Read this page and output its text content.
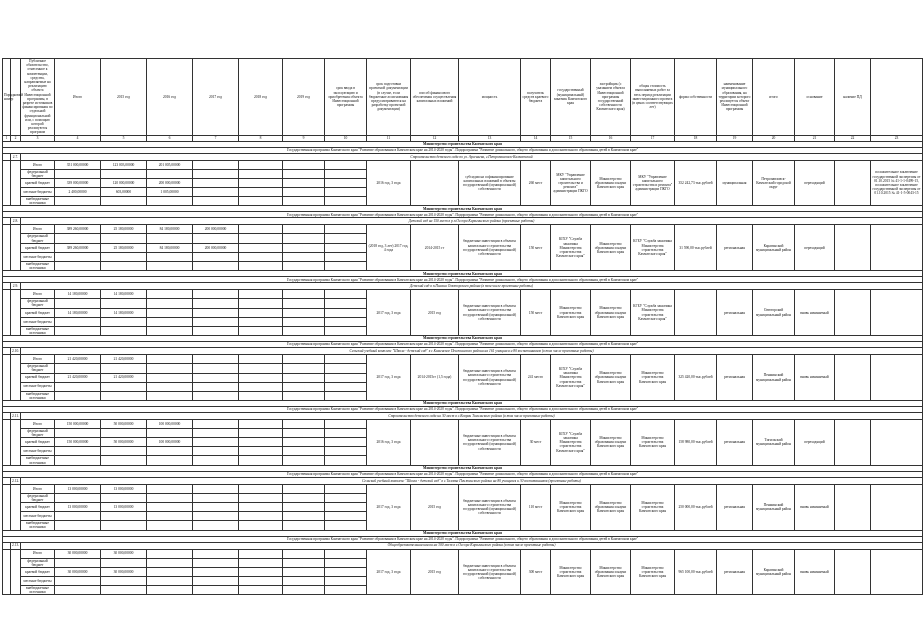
Порядковый номер		Публичное обязательство, отнесенное к компетенции, средства, направляемые на реализацию объекта Инвестиционной программы, в разрезе источников финансирования по отдельной функциональной или, с помощью которой реализуются программ	Итого	2015 год	2016 год	2017 год	2018 год	2019 год	срок ввода в эксплуатацию и приобретения объекта Инвестиционной программы	срок подготовки проектной документации (в случае, если бюджетные ассигнования предусматриваются на разработку проектной документации)	способ финансового обеспечения осуществления капитальных вложений	мощность	получатель средств краевого бюджета	государственный (муниципальный) заказчик Камчатского края	застройщик (с указанием объекта Инвестиционной программы государственной собственности Камчатского края)	общая стоимость выполняемых работ за весь период реализации инвестиционного проекта (в ценах соответствующих лет)	форма собственности	наименование муниципального образования, на территории которого реализуется объект Инвестиционной программы	итого	основание	наличие ПД	
1	2	3	4	5	6	7	8	9	10	11	12	13	14	15	16	17	18	19	20	21	22	23
Министерство строительства Камчатского края																						
Государственная программа Камчатского края "Развитие образования в Камчатском крае на 2014-2020 годы". Подпрограмма "Развитие дошкольного, общего образования и дополнительного образования детей в Камчатском крае"																						
	2.7.	Строительство детского сада по ул. Арсеньева, г.Петропавловск-Камчатский																				
		Итого	351 000,00000	123 003,00000	201 005,00000					2016 год, 3 года		субсидии на софинансирование капитальных вложений в объекты государственной (муниципальной) собственности	260 мест	МКУ "Управление капитального строительства и ремонта" администрации ПКГО	Министерство образования и науки Камчатского края	МКУ "Управление капитального строительства и ремонта" администрации ПКГО	352 242,73 тыс.рублей	муниципальная	Петропавловск-Камчатский городской округ	переходящий		положительное заключение государственной экспертизы от 01.10.2015 № 41-1-1-0499-15, положительное заключение государственной экспертизы от 01.10.2015 № 41-1-5-0043-15
		федеральный бюджет																				
		краевой бюджет	339 000,00000	120 000,00000	200 000,00000																	
		местные бюджеты	2 400,00000	603,00000	1 005,00000																	
		внебюджетные источники																				
Министерство строительства Камчатского края																						
Государственная программа Камчатского края "Развитие образования в Камчатском крае на 2014-2020 годы". Подпрограмма "Развитие дошкольного, общего образования и дополнительного образования детей в Камчатском крае"																						
	2.8.	Детский сад на 150 мест в р.п.Оссора Карагинского района (проектные работы)																				
		Итого	389 260,00000	25 180,00000	84 180,00000	200 000,00000				(2018 год, 3 лет) 2017 год, 4 года	2014-2015 гг	бюджетные инвестиции в объекты капитального строительства государственной (муниципальной) собственности	150 мест	КГБУ "Служба заказчика Министерства строительства Камчатского края"	Министерство образования и науки Камчатского края	КГБУ "Служба заказчика Министерства строительства Камчатского края"	31 590,00 тыс.рублей	региональная	Карагинский муниципальный район	переходящий		
		федеральный бюджет																				
		краевой бюджет	389 260,00000	25 180,00000	84 180,00000	200 000,00000																
		местные бюджеты																				
		внебюджетные источники																				
Министерство строительства Камчатского края																						
Государственная программа Камчатского края "Развитие образования в Камчатском крае на 2014-2020 годы". Подпрограмма "Развитие дошкольного, общего образования и дополнительного образования детей в Камчатском крае"																						
	2.9.	Детский сад в п.Палана Олюторского района (в том числе проектные работы)																				
		Итого	14 180,00000	14 180,00000						2017 год, 3 года	2015 год	бюджетные инвестиции в объекты капитального строительства государственной (муниципальной) собственности	150 мест	Министерство строительства Камчатского края	Министерство образования и науки Камчатского края	КГБУ "Служба заказчика Министерства строительства Камчатского края"		региональная	Олюторский муниципальный район	вновь начинаемый		
		федеральный бюджет																				
		краевой бюджет	14 180,00000	14 180,00000																		
		местные бюджеты																				
		внебюджетные источники																				
Министерство строительства Камчатского края																						
Государственная программа Камчатского края "Развитие образования в Камчатском крае на 2014-2020 годы". Подпрограмма "Развитие дошкольного, общего образования и дополнительного образования детей в Камчатском крае"																						
	2.10.	Сельский учебный комплекс "Школа - детский сад" в с.Каменское Пенжинского района на 161 учащихся и 80 воспитанников (в том числе проектные работы)																				
		Итого	21 420,00000	21 420,00000						2017 год, 3 года	2014-2015гг (1,5 года)	бюджетные инвестиции в объекты капитального строительства государственной (муниципальной) собственности	241 место	КГБУ "Служба заказчика Министерства строительства Камчатского края"	Министерство образования и науки Камчатского края	Министерство строительства Камчатского края	325 420,00 тыс.рублей	региональная	Пенжинский муниципальный район	вновь начинаемый		
		федеральный бюджет																				
		краевой бюджет	21 420,00000	21 420,00000																		
		местные бюджеты																				
		внебюджетные источники																				
Министерство строительства Камчатского края																						
Государственная программа Камчатского края "Развитие образования в Камчатском крае на 2014-2020 годы". Подпрограмма "Развитие дошкольного, общего образования и дополнительного образования детей в Камчатском крае"																						
	2.11.	Строительство детского сада на 30 мест в с.Ковран Тигильского района (в том числе проектные работы)																				
		Итого	150 000,00000	50 000,00000	100 000,00000					2016 год, 3 года		бюджетные инвестиции в объекты капитального строительства государственной (муниципальной) собственности	30 мест	КГБУ "Служба заказчика Министерства строительства Камчатского края"	Министерство образования и науки Камчатского края	Министерство строительства Камчатского края	158 980,00 тыс.рублей	региональная	Тигильский муниципальный район	переходящий		
		федеральный бюджет																				
		краевой бюджет	150 000,00000	50 000,00000	100 000,00000																	
		местные бюджеты																				
		внебюджетные источники																				
Министерство строительства Камчатского края																						
Государственная программа Камчатского края "Развитие образования в Камчатском крае на 2014-2020 годы". Подпрограмма "Развитие дошкольного, общего образования и дополнительного образования детей в Камчатском крае"																						
	2.12.	Сельский учебный комплекс "Школа - детский сад" в с.Таловка Пенжинского района на 80 учащихся и 30 воспитанников (проектные работы)																				
		Итого	13 000,00000	13 000,00000						2017 год, 3 года	2015 год	бюджетные инвестиции в объекты капитального строительства государственной (муниципальной) собственности	110 мест	Министерство строительства Камчатского края	Министерство образования и науки Камчатского края	Министерство строительства Камчатского края	250 000,00 тыс.рублей	региональная	Пенжинский муниципальный район	вновь начинаемый		
		федеральный бюджет																				
		краевой бюджет	13 000,00000	13 000,00000																		
		местные бюджеты																				
		внебюджетные источники																				
Министерство строительства Камчатского края																						
Государственная программа Камчатского края "Развитие образования в Камчатском крае на 2014-2020 годы". Подпрограмма "Развитие дошкольного, общего образования и дополнительного образования детей в Камчатском крае"																						
	2.13.	Общеобразовательная школа на 300 мест в с.Оссора Карагинского района (в том числе проектные работы)																				
		Итого	30 000,00000	30 000,00000						2017 год, 3 года	2015 год	бюджетные инвестиции в объекты капитального строительства государственной (муниципальной) собственности	300 мест	Министерство строительства Камчатского края	Министерство образования и науки Камчатского края	Министерство строительства Камчатского края	965 100,00 тыс.рублей	региональная	Карагинский муниципальный район	вновь начинаемый		
		федеральный бюджет																				
		краевой бюджет	30 000,00000	30 000,00000																		
		местные бюджеты																				
		внебюджетные источники																				
